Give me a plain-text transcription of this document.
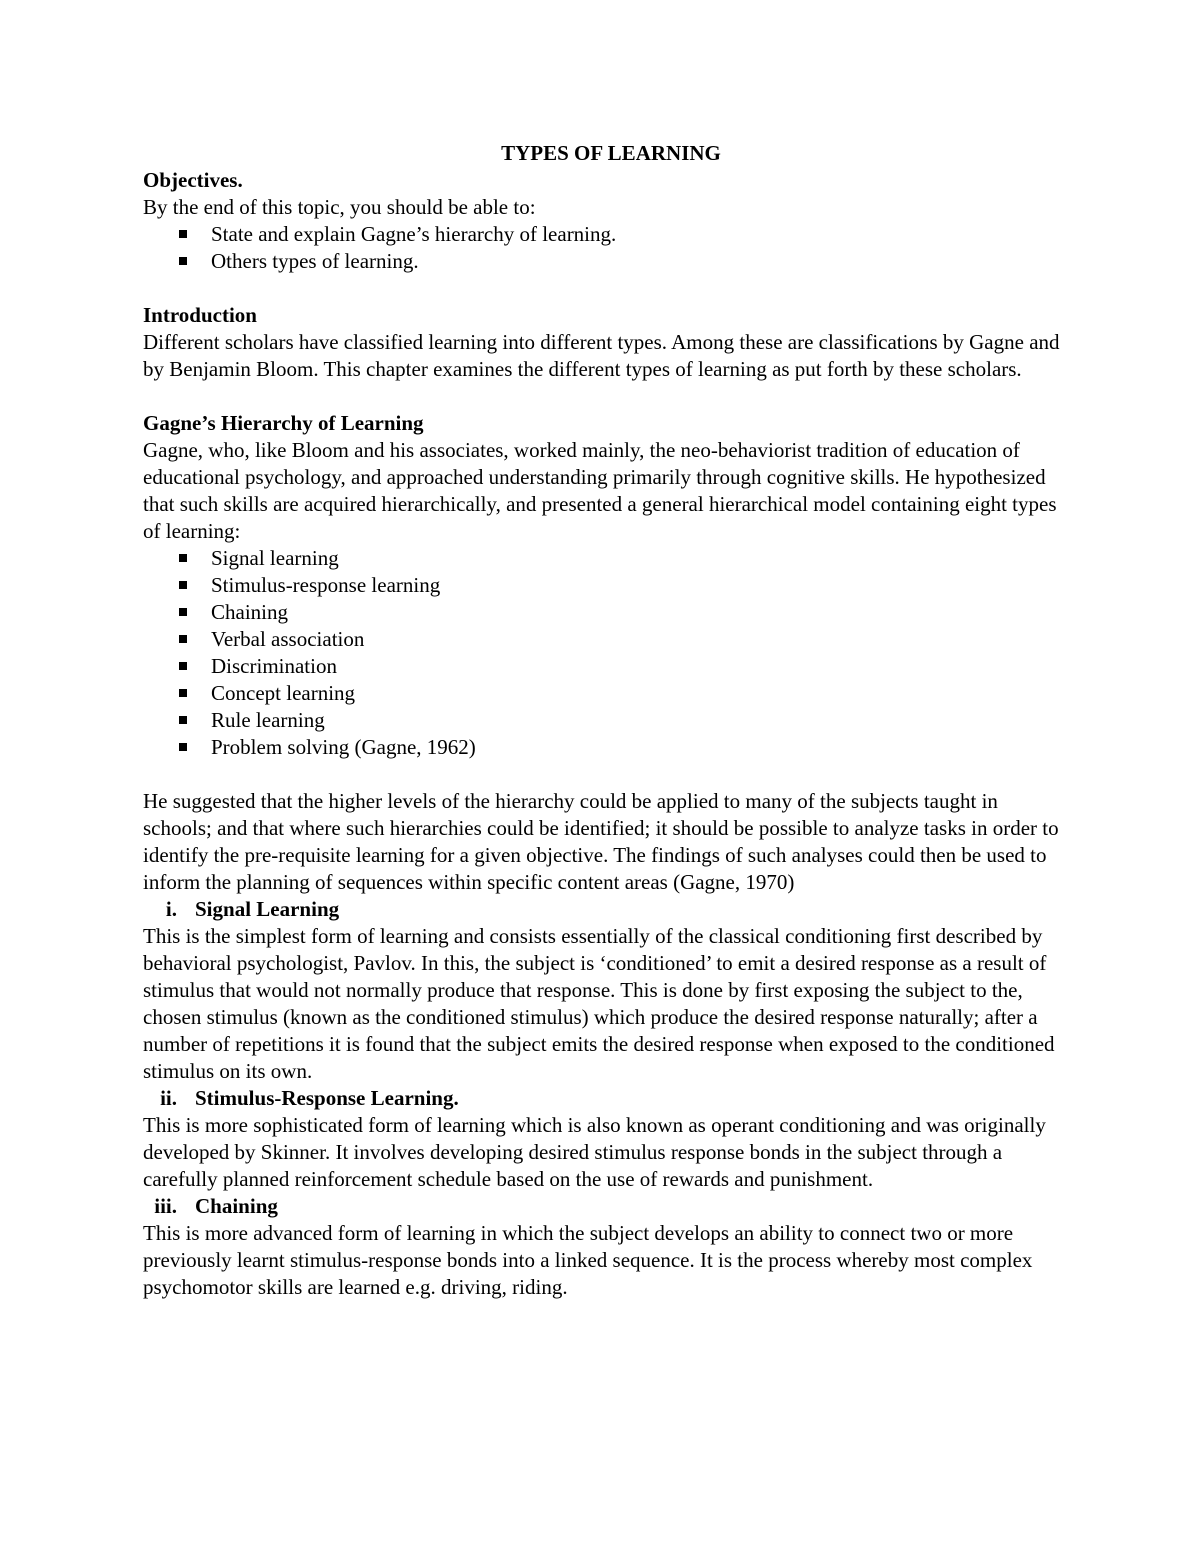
TYPES OF LEARNING

Objectives.

By the end of this topic, you should be able to:

State and explain Gagne’s hierarchy of learning.
Others types of learning.

Introduction

Different scholars have classified learning into different types. Among these are classifications by Gagne and by Benjamin Bloom. This chapter examines the different types of learning as put forth by these scholars.

Gagne’s Hierarchy of Learning

Gagne, who, like Bloom and his associates, worked mainly, the neo-behaviorist tradition of education of educational psychology, and approached understanding primarily through cognitive skills. He hypothesized that such skills are acquired hierarchically, and presented a general hierarchical model containing eight types of learning:

Signal learning
Stimulus-response learning
Chaining
Verbal association
Discrimination
Concept learning
Rule learning
Problem solving (Gagne, 1962)

He suggested that the higher levels of the hierarchy could be applied to many of the subjects taught in schools; and that where such hierarchies could be identified; it should be possible to analyze tasks in order to identify the pre-requisite learning for a given objective. The findings of such analyses could then be used to inform the planning of sequences within specific content areas (Gagne, 1970)

i. Signal Learning

This is the simplest form of learning and consists essentially of the classical conditioning first described by behavioral psychologist, Pavlov. In this, the subject is ‘conditioned’ to emit a desired response as a result of stimulus that would not normally produce that response. This is done by first exposing the subject to the, chosen stimulus (known as the conditioned stimulus) which produce the desired response naturally; after a number of repetitions it is found that the subject emits the desired response when exposed to the conditioned stimulus on its own.

ii. Stimulus-Response Learning.

This is more sophisticated form of learning which is also known as operant conditioning and was originally developed by Skinner. It involves developing desired stimulus response bonds in the subject through a carefully planned reinforcement schedule based on the use of rewards and punishment.

iii. Chaining

This is more advanced form of learning in which the subject develops an ability to connect two or more previously learnt stimulus-response bonds into a linked sequence. It is the process whereby most complex psychomotor skills are learned e.g. driving, riding.
